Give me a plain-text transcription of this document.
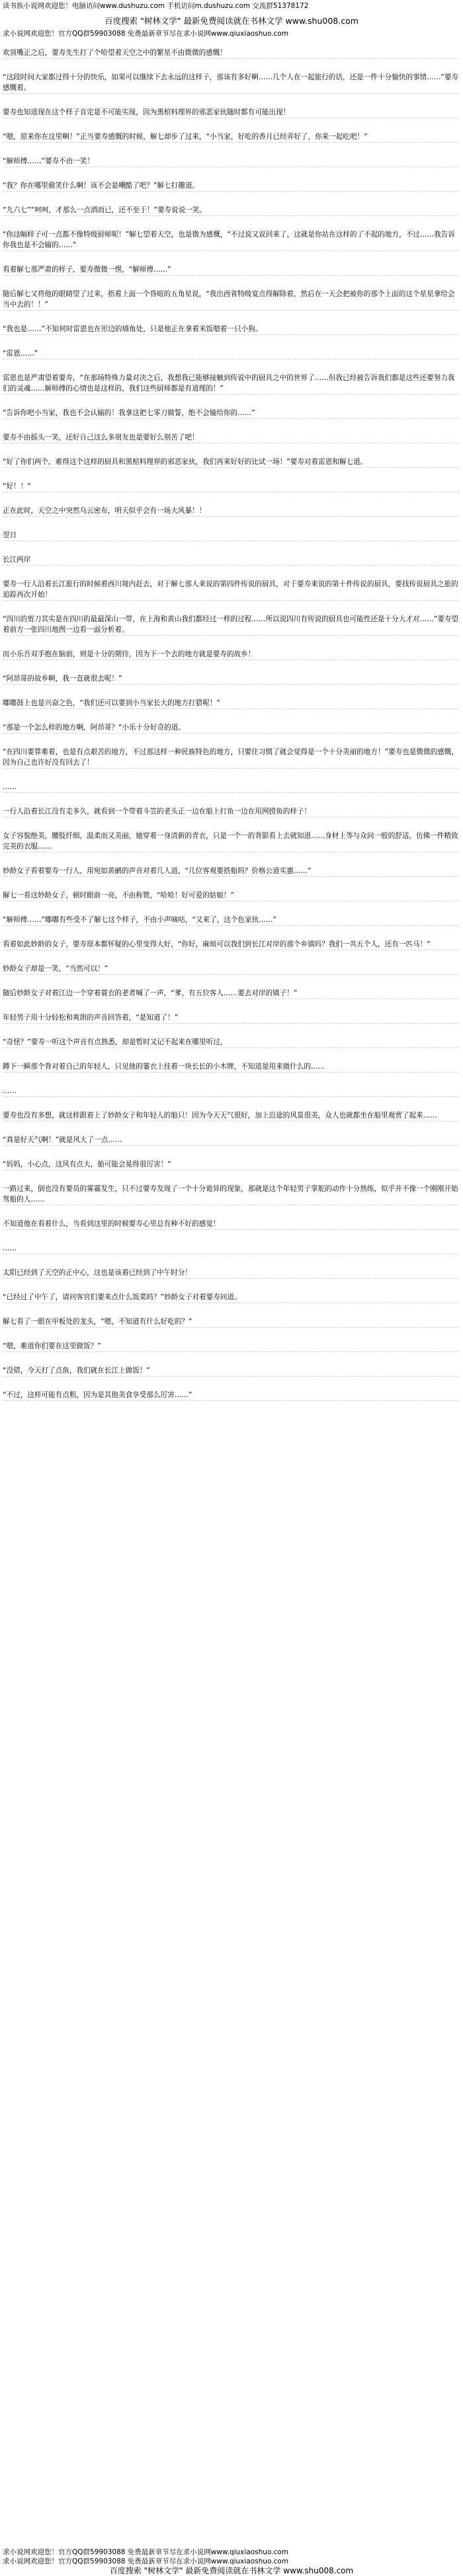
读书族小说网欢迎您！电脑访问www.dushuzu.com 手机访问m.dushuzu.com 交流群51378172
百度搜索 "树林文学" 最新免费阅读就在书林文学 www.shu008.com
求小说网欢迎您！官方QQ群59903088 免费最新章节尽在求小说网www.qiuxiaoshuo.com

欢顶嘴正之后，要寿先生打了个哈望着天空之中的繁星不由微微的感慨！

“这段时间大家都过得十分的快乐，如果可以继续下去永远的这样子，那该有多好啊……几个人在一起旅行的话，还是一件十分愉快的事情……”要寿感慨着。

要寿也知道现在这个样子肯定是不可能实现，因为黑棺料理界的邪恶家伙随时都有可能出现！

“嗯，原来你在这里啊！”正当要寿感慨的时候，解七却步了过来，“小当家，好吃的香月已经弄好了，你来一起吃吧！”

“解师傅……”要寿不由一笑！

“我？你在哪里偷笑什么啊！该不会是嘲酷了吧？”解七打趣道。

“九六七”“呵呵，才那么一点酒而已，还不至于！”要寿说说一笑。

“你这幅样子可一点都不像特级厨师呢！”解七望着天空，也是微为感慨，“不过说又说回来了，这就是你站在这样的了不起的地方，不过……我告诉你我也是不会输的……”

看着解七那严肃的样子，要寿微微一愣，“解师傅……”

随后解七又将他的眼睛望了过来，指着上面一个昏暗的五角星说，“我出西省特级宴点得解除着，然后在一天会把被你的那个上面的这个星星拿给会当中去的！！”

“我也是……”不知何时雷恩也在形边的墙角处，只是他正在拿着米饭嗯着一只小狗。

“雷恩……”

雷恩也是严肃望着要寿，“在那场特殊力量对决之后，我想我已能够接触到传说中的厨具之中的世界了……但我已经被告诉我们都是这些还要努力我们的灵魂……解师傅的心情也是这样的，我们这些厨师都是有道理的！”

“告诉你吧小当家，我也不会认输的！我拿这把七零刀做誓，绝不会输给你的……”

要寿不由摇头一笑，还好自己这么多朋友也是要好么刻苦了吧！

“好了你们两个，难得这个这样的厨具和黑棺料理界的邪恶家伙，我们再来好好的比试一场！”要寿对着雷恩和解七道。

“好！！”

正在此时，天空之中突然乌云密布，明天似乎会有一场大风暴！！

翌日

长江两岸

要寿一行人沿着长江旅行的时候着西川境内赶去，对于解七那人来说的第四件传说的厨具，对于要寿来说的第十件传说的厨具，要找传说厨具之旅的追踪再次开始！

“四川的剪刀其实是在四川的最最深山一带，在上海和黄山我们都经过一样的过程……所以说四川有传说的厨具也可能性还是十分大才对……”要寿望着前方一张四川地图一边看一面分析着。

而小乐吾双手抱在脑前，则是十分的期待，因为下一个去的地方就是要寿的故乡！

“阿昂哥的故乡啊，我一直就很去呢！”

嘟嘟鼓上也是兴奋之色，“我们还可以要到小当家长大的地方打猎呢！”

“那是一个怎么样的地方啊，阿昂哥？”小乐十分好奇的道。

“在四川要算难着，也是有点艰苦的地方，不过那这样一种民族特色的地方，只要住习惯了就会觉得是一个十分美丽的地方！”要寿也是微微的感慨，因为自己也许好没有回去了！

……

一行人沿着长江没有走多久，就看到一个带着斗笠的老头正一边在船上打鱼一边在用网捞鱼的样子！

女子容貌绝美，腰肢纤细，温柔而又美丽，她穿着一身清新的青衣，只是一个一的背影看上去就知道……身材上等与众同一般的舒适，仿佛一件精致完美的衣服……

妙龄女子看着要寿一行人，用宛如黄鹂的声音对着几人道，“几位客观要搭船吗？价格公道实惠……”

解七一看这妙龄女子，顿时眼前一亮，不由称赞，“哈哈！好可爱的姑娘！”

“解师傅……”嘟嘟有些受不了解七这个样子，不由小声嘀咕，“又来了，这个色家伙……”

看着如此妙龄的女子，要寿原本都怀疑的心里变得大好，“你好，麻烦可以我们到长江对岸的那个乡镇吗？我们一共五个人，还有一匹马！”

妙龄女子却是一笑，“当然可以！”

随后妙龄女子对着江边一个穿着蓑衣的老者喊了一声，“爹，有五位客人……要去对岸的镇子！”

年轻男子用十分轻松和爽朗的声音回答着，“是知道了！”

“奇怪？”要寿一听这个声音有点熟悉，却是暂时又记不起来在哪里听过，

蹲下一瞬那个背对着自己的年轻人，只见他的篓衣上挂着一块长长的小木牌，不知道是用来做什么的……

……

要寿也没有多想，就这样跟着上了妙龄女子和年轻人的船只！因为今天天气很好，加上沿途的风景很美，众人也就都坐在船里观赏了起来……

“真是好天气啊！”就是风大了一点……

“妈妈，小心点，这风有点大，船可能会晃得很厉害！”

一路过来，倒也没有要员的雾霾发生，只不过要寿发现了一个十分诡异的现象，那就是这个年轻男子掌舵的动作十分熟练，似乎并不像一个刚刚开始驾船的人……

不知道他在看着什么，当看到这里的时候要寿心里总有种不好的感觉！

……

太阳已经到了天空的正中心，这也是该着已经到了中午时分！

“已经过了中午了，请问客官们要来点什么饭菜吗？”妙龄女子对着要寿问道。

解七看了一眼在甲板处的龙头，“嗯，不知道有什么好吃的？”

“嗯，难道你们要在这里做饭？”

“没错，今天打了点鱼，我们就在长江上做饭！”

“不过，这样可能有点粗，因为是其他美食享受那么厉害……”

求小说网欢迎您！官方QQ群59903088 免费最新章节尽在求小说网www.qiuxiaoshuo.com
求小说网欢迎您！官方QQ群59903088 免费最新章节尽在求小说网www.qiuxiaoshuo.com
百度搜索 "树林文学" 最新免费阅读就在书林文学 www.shu008.com
